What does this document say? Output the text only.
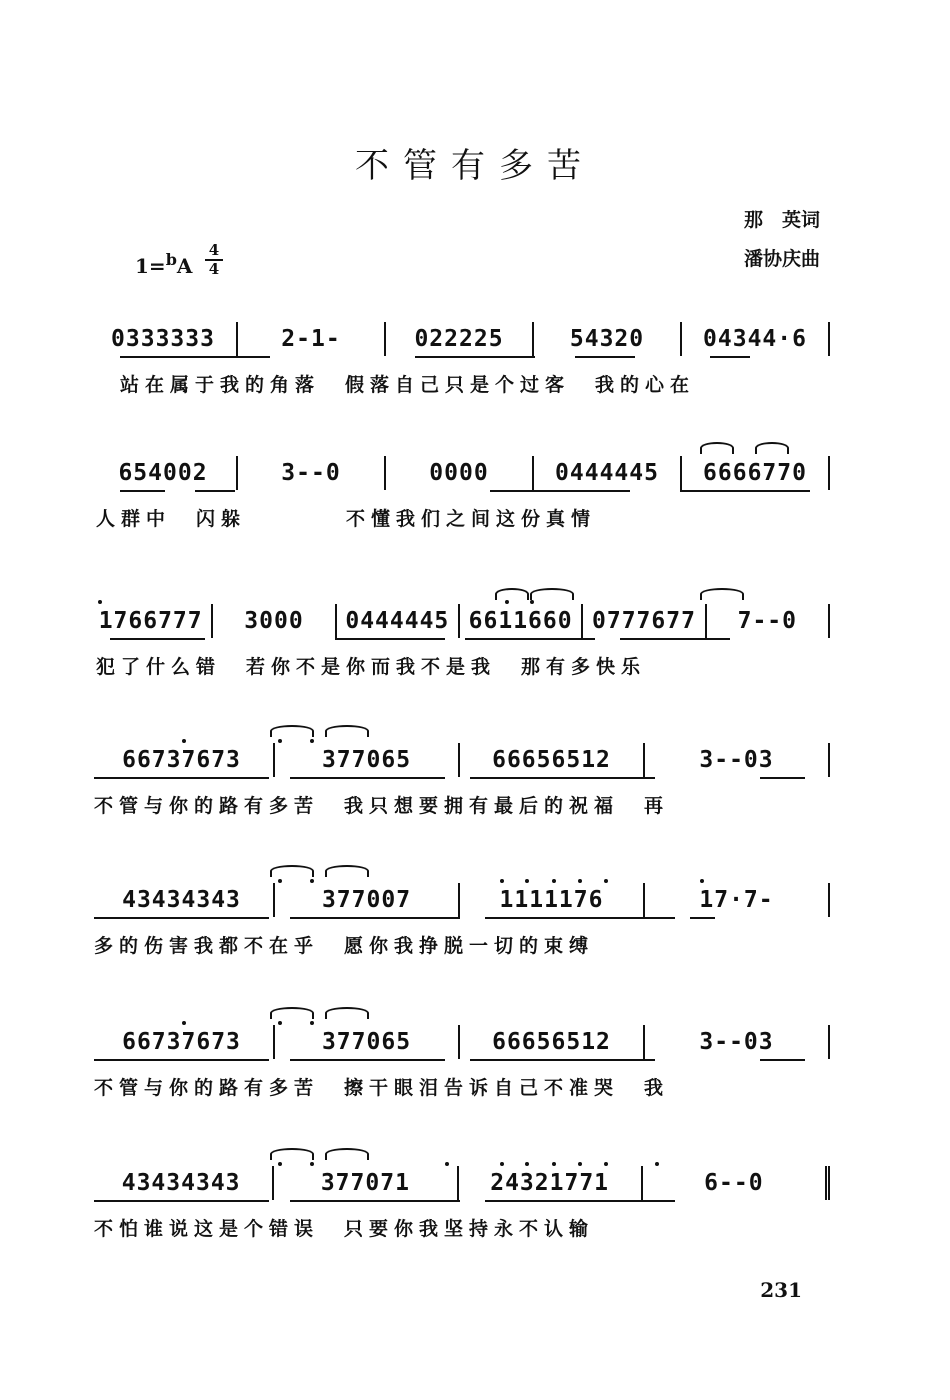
不管有多苦
那　英词
潘协庆曲
1=$^b$A
4
4
0333333	2-1-	022225	54320	04344·6
站在属于我的角落　假落自己只是个过客　我的心在
654002	3--0	0000	0444445	6666770
人群中　闪躲　　　　不懂我们之间这份真情
1766777	3000	0444445 6611660 0777677	7--0
犯了什么错　若你不是你而我不是我　那有多快乐
66737673	377065	66656512	3--03
不管与你的路有多苦　我只想要拥有最后的祝福　再
43434343	377007	1111176	17·7-
多的伤害我都不在乎　愿你我挣脱一切的束缚
66737673	377065	66656512	3--03
不管与你的路有多苦　擦干眼泪告诉自己不准哭　我
43434343	377071	24321771	6--0
不怕谁说这是个错误　只要你我坚持永不认输
231
